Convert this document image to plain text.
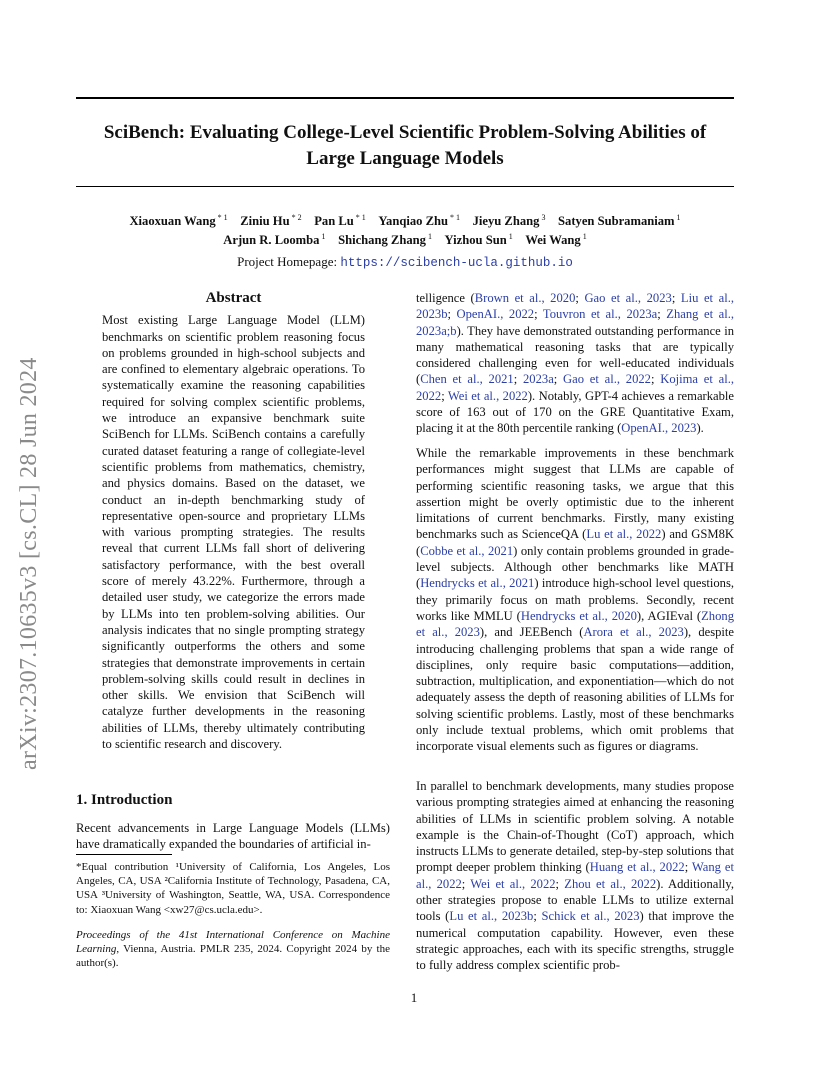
SciBench: Evaluating College-Level Scientific Problem-Solving Abilities of
Large Language Models
Xiaoxuan Wang $^{* 1}$  Ziniu Hu $^{* 2}$  Pan Lu $^{* 1}$  Yanqiao Zhu $^{* 1}$  Jieyu Zhang $^3$  Satyen Subramaniam $^1$
Arjun R. Loomba $^1$  Shichang Zhang $^1$  Yizhou Sun $^1$  Wei Wang $^1$
Project Homepage: https://scibench-ucla.github.io
arXiv:2307.10635v3 [cs.CL] 28 Jun 2024
Abstract
Most existing Large Language Model (LLM) benchmarks on scientific problem reasoning focus on problems grounded in high-school subjects and are confined to elementary algebraic operations. To systematically examine the reasoning capabilities required for solving complex scientific problems, we introduce an expansive benchmark suite SciBench for LLMs. SciBench contains a carefully curated dataset featuring a range of collegiate-level scientific problems from mathematics, chemistry, and physics domains. Based on the dataset, we conduct an in-depth benchmarking study of representative open-source and proprietary LLMs with various prompting strategies. The results reveal that current LLMs fall short of delivering satisfactory performance, with the best overall score of merely 43.22%. Furthermore, through a detailed user study, we categorize the errors made by LLMs into ten problem-solving abilities. Our analysis indicates that no single prompting strategy significantly outperforms the others and some strategies that demonstrate improvements in certain problem-solving skills could result in declines in other skills. We envision that SciBench will catalyze further developments in the reasoning abilities of LLMs, thereby ultimately contributing to scientific research and discovery.
1. Introduction
Recent advancements in Large Language Models (LLMs) have dramatically expanded the boundaries of artificial in-
*Equal contribution ¹University of California, Los Angeles, Los Angeles, CA, USA ²California Institute of Technology, Pasadena, CA, USA ³University of Washington, Seattle, WA, USA. Correspondence to: Xiaoxuan Wang <xw27@cs.ucla.edu>.
Proceedings of the 41st International Conference on Machine Learning, Vienna, Austria. PMLR 235, 2024. Copyright 2024 by the author(s).
telligence (Brown et al., 2020; Gao et al., 2023; Liu et al., 2023b; OpenAI., 2022; Touvron et al., 2023a; Zhang et al., 2023a;b). They have demonstrated outstanding performance in many mathematical reasoning tasks that are typically considered challenging even for well-educated individuals (Chen et al., 2021; 2023a; Gao et al., 2022; Kojima et al., 2022; Wei et al., 2022). Notably, GPT-4 achieves a remarkable score of 163 out of 170 on the GRE Quantitative Exam, placing it at the 80th percentile ranking (OpenAI., 2023).
While the remarkable improvements in these benchmark performances might suggest that LLMs are capable of performing scientific reasoning tasks, we argue that this assertion might be overly optimistic due to the inherent limitations of current benchmarks. Firstly, many existing benchmarks such as ScienceQA (Lu et al., 2022) and GSM8K (Cobbe et al., 2021) only contain problems grounded in grade-level subjects. Although other benchmarks like MATH (Hendrycks et al., 2021) introduce high-school level questions, they primarily focus on math problems. Secondly, recent works like MMLU (Hendrycks et al., 2020), AGIEval (Zhong et al., 2023), and JEEBench (Arora et al., 2023), despite introducing challenging problems that span a wide range of disciplines, only require basic computations—addition, subtraction, multiplication, and exponentiation—which do not adequately assess the depth of reasoning abilities of LLMs for solving scientific problems. Lastly, most of these benchmarks only include textual problems, which omit problems that incorporate visual elements such as figures or diagrams.
In parallel to benchmark developments, many studies propose various prompting strategies aimed at enhancing the reasoning abilities of LLMs in scientific problem solving. A notable example is the Chain-of-Thought (CoT) approach, which instructs LLMs to generate detailed, step-by-step solutions that prompt deeper problem thinking (Huang et al., 2022; Wang et al., 2022; Wei et al., 2022; Zhou et al., 2022). Additionally, other strategies propose to enable LLMs to utilize external tools (Lu et al., 2023b; Schick et al., 2023) that improve the numerical computation capability. However, even these strategic approaches, each with its specific strengths, struggle to fully address complex scientific prob-
1
